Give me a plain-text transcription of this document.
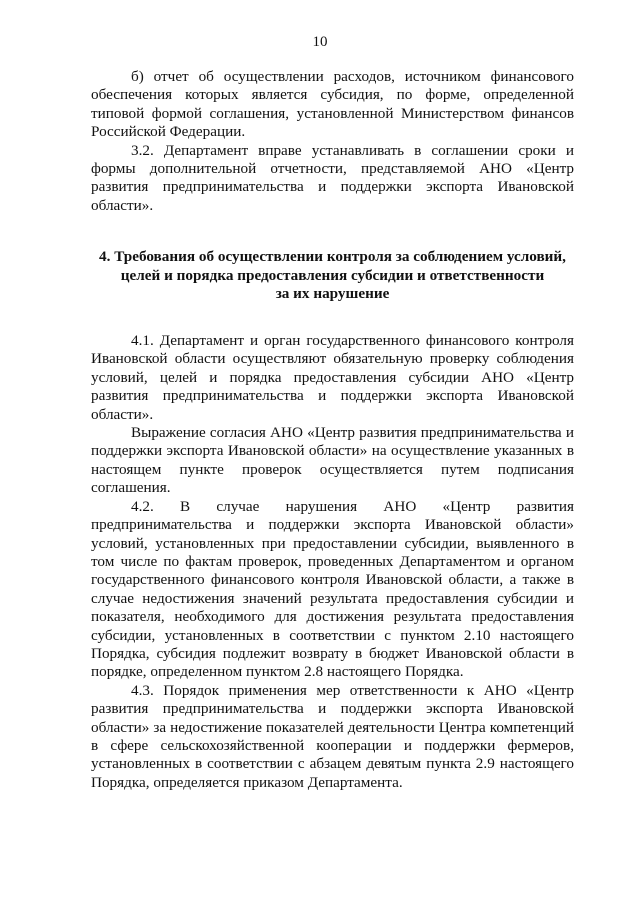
10

б) отчет об осуществлении расходов, источником финансового обеспечения которых является субсидия, по форме, определенной типовой формой соглашения, установленной Министерством финансов Российской Федерации.

3.2. Департамент вправе устанавливать в соглашении сроки и формы дополнительной отчетности, представляемой АНО «Центр развития предпринимательства и поддержки экспорта Ивановской области».

4. Требования об осуществлении контроля за соблюдением условий,
целей и порядка предоставления субсидии и ответственности
за их нарушение

4.1. Департамент и орган государственного финансового контроля Ивановской области осуществляют обязательную проверку соблюдения условий, целей и порядка предоставления субсидии АНО «Центр развития предпринимательства и поддержки экспорта Ивановской области».

Выражение согласия АНО «Центр развития предпринимательства и поддержки экспорта Ивановской области» на осуществление указанных в настоящем пункте проверок осуществляется путем подписания соглашения.

4.2. В случае нарушения АНО «Центр развития предпринимательства и поддержки экспорта Ивановской области» условий, установленных при предоставлении субсидии, выявленного в том числе по фактам проверок, проведенных Департаментом и органом государственного финансового контроля Ивановской области, а также в случае недостижения значений результата предоставления субсидии и показателя, необходимого для достижения результата предоставления субсидии, установленных в соответствии с пунктом 2.10 настоящего Порядка, субсидия подлежит возврату в бюджет Ивановской области в порядке, определенном пунктом 2.8 настоящего Порядка.

4.3. Порядок применения мер ответственности к АНО «Центр развития предпринимательства и поддержки экспорта Ивановской области» за недостижение показателей деятельности Центра компетенций в сфере сельскохозяйственной кооперации и поддержки фермеров, установленных в соответствии с абзацем девятым пункта 2.9 настоящего Порядка, определяется приказом Департамента.
